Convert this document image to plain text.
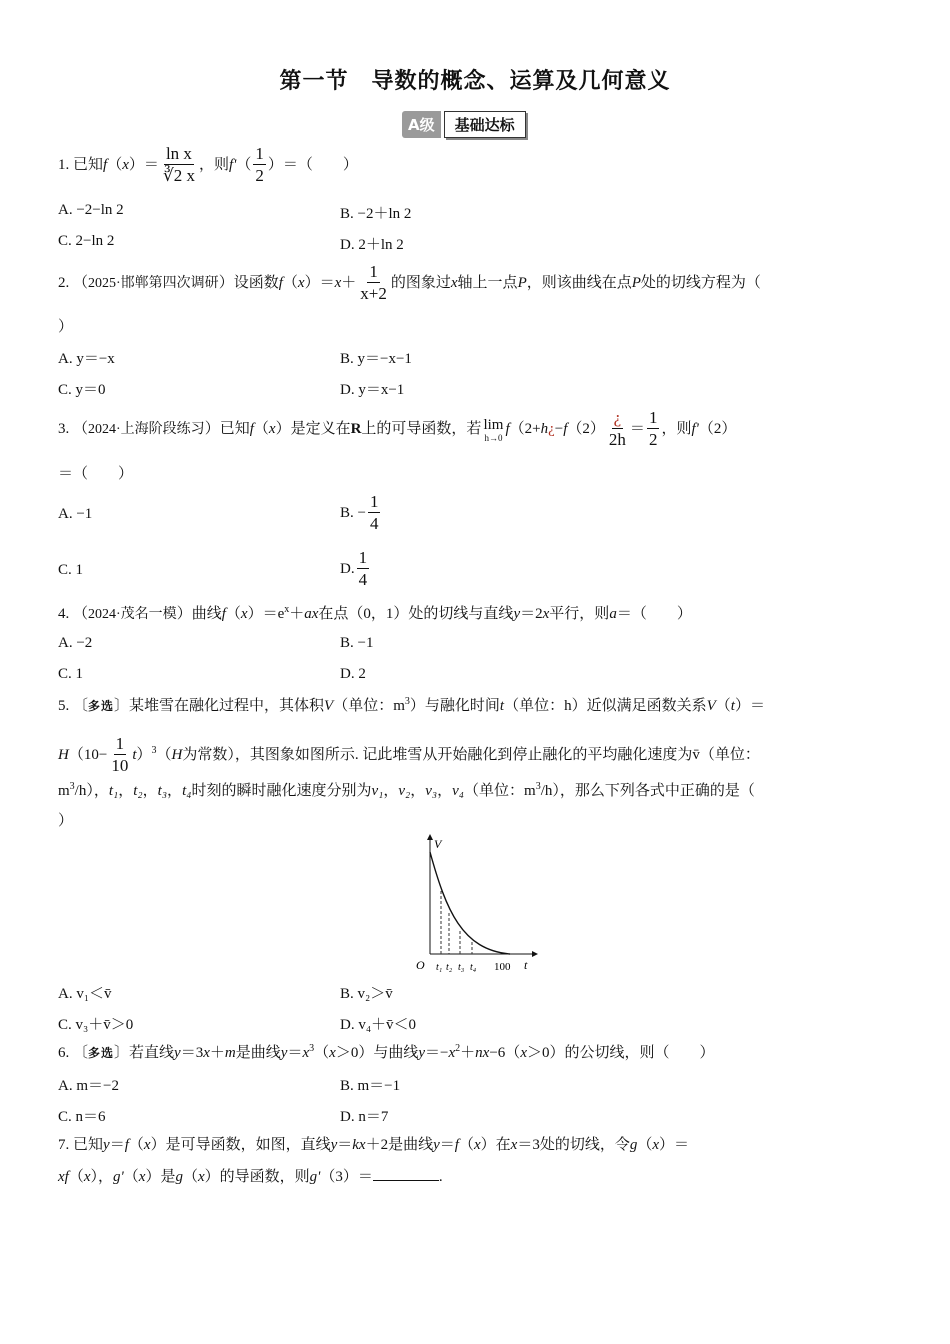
第一节　导数的概念、运算及几何意义
A级	基础达标
1. 已知$f(x)= \frac{\text{ln x}}{∛2 x}$ ，则$f'( \frac{1}{2}$ ）＝（　　）
A. −2−ln 2	B. −2＋ln 2
C. 2−ln 2	D. 2＋ln 2
2. （2025·邯郸第四次调研）设函数$f(x)=x+ \frac{1}{x+2}$ 的图象过x轴上一点P，则该曲线在点P处的切线方程为（
）
A. y＝−x	B. y＝−x−1
C. y＝0	D. y＝x−1
3. （2024·上海阶段练习）已知f（x）是定义在R上的可导函数，若 lim
h→0
f（2+h¿−f（2） $\frac{¿}{2h} = \frac{1}{2}$ ，则f'（2）
＝（　　）
A. −1	B. − $\frac{1}{4}$
C. 1	D. $\frac{1}{4}$
4. （2024·茂名一模）曲线$f(x)=e^x+ax$在点（0，1）处的切线与直线y＝2x平行，则a＝（　　）
A. −2	B. −1
C. 1	D. 2
5. 〔多选〕某堆雪在融化过程中，其体积V（单位：$m^3$）与融化时间t（单位：h）近似满足函数关系V（t）＝
$H(10- \frac{1}{10} t)^3(H$为常数），其图象如图所示. 记此堆雪从开始融化到停止融化的平均融化速度为v̄（单位：
$m^3/h$），t₁，t₂，t₃，t₄时刻的瞬时融化速度分别为v₁，v₂，v₃，v₄（单位：$m^3/h$），那么下列各式中正确的是（
）
V
O t₁ t₂ t₃ t₄ 100 t
A. v₁＜v̄	B. v₂＞v̄
C. v₃＋v̄＞0	D. v₄＋v̄＜0
6. 〔多选〕若直线y＝3x＋m是曲线$y=x^3(x>0)$与曲线$y=-x^2+nx-6(x>0)$的公切线，则（　　）
A. m＝−2	B. m＝−1
C. n＝6	D. n＝7
7. 已知y＝f（x）是可导函数，如图，直线y＝kx＋2是曲线y＝f（x）在x＝3处的切线，令g（x）＝
xf（x），g'（x）是g（x）的导函数，则g'（3）＝	.
